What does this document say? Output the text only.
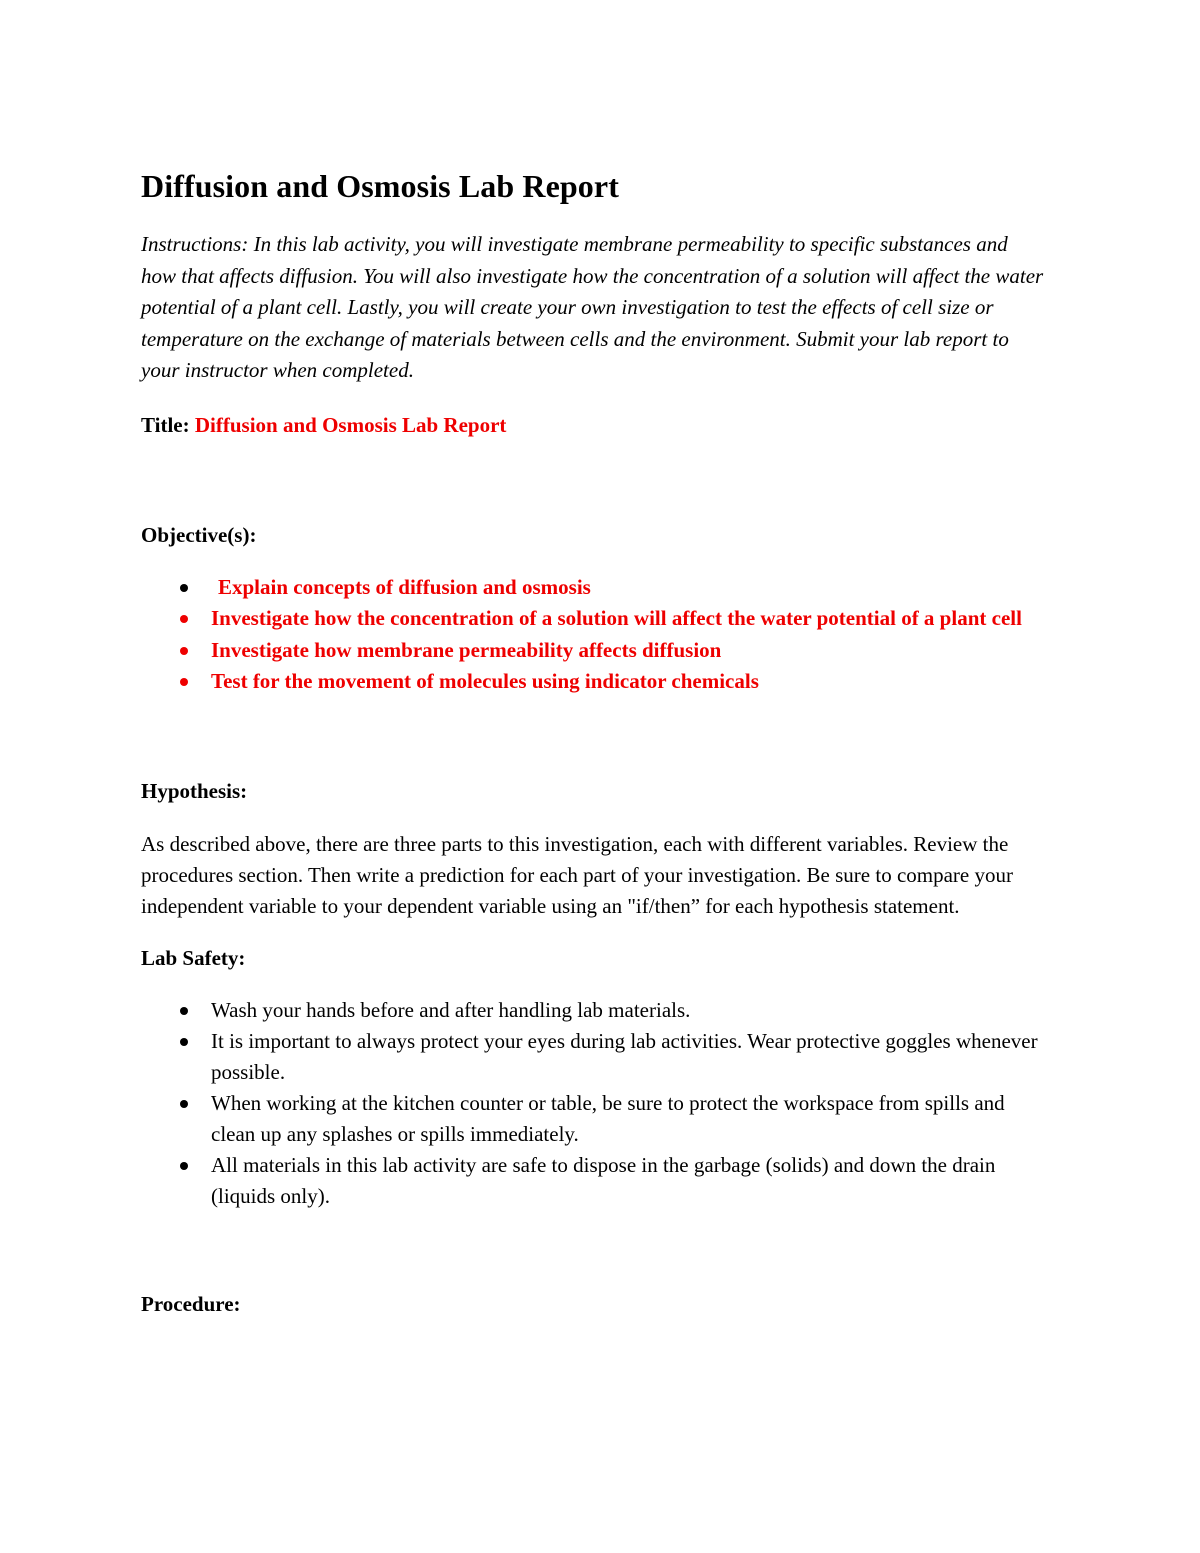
Diffusion and Osmosis Lab Report

Instructions: In this lab activity, you will investigate membrane permeability to specific substances and how that affects diffusion. You will also investigate how the concentration of a solution will affect the water potential of a plant cell. Lastly, you will create your own investigation to test the effects of cell size or temperature on the exchange of materials between cells and the environment. Submit your lab report to your instructor when completed.

Title: Diffusion and Osmosis Lab Report

Objective(s):

Explain concepts of diffusion and osmosis
Investigate how the concentration of a solution will affect the water potential of a plant cell
Investigate how membrane permeability affects diffusion
Test for the movement of molecules using indicator chemicals

Hypothesis:

As described above, there are three parts to this investigation, each with different variables. Review the procedures section. Then write a prediction for each part of your investigation. Be sure to compare your independent variable to your dependent variable using an "if/then” for each hypothesis statement.

Lab Safety:

Wash your hands before and after handling lab materials.
It is important to always protect your eyes during lab activities. Wear protective goggles whenever possible.
When working at the kitchen counter or table, be sure to protect the workspace from spills and clean up any splashes or spills immediately.
All materials in this lab activity are safe to dispose in the garbage (solids) and down the drain (liquids only).

Procedure:
